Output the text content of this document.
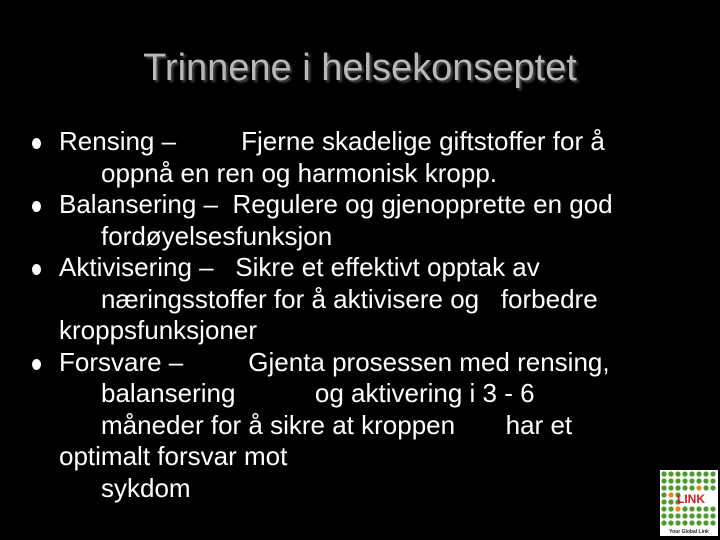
Trinnene i helsekonseptet
Rensing –         Fjerne skadelige giftstoffer for å
oppnå en ren og harmonisk kropp.
Balansering –  Regulere og gjenopprette en god
fordøyelsesfunksjon
Aktivisering –   Sikre et effektivt opptak av
næringsstoffer for å aktivisere og   forbedre
kroppsfunksjoner
Forsvare –         Gjenta prosessen med rensing,
balansering           og aktivering i 3 - 6
måneder for å sikre at kroppen       har et
optimalt forsvar mot
sykdom	LINK
Your Global Link
